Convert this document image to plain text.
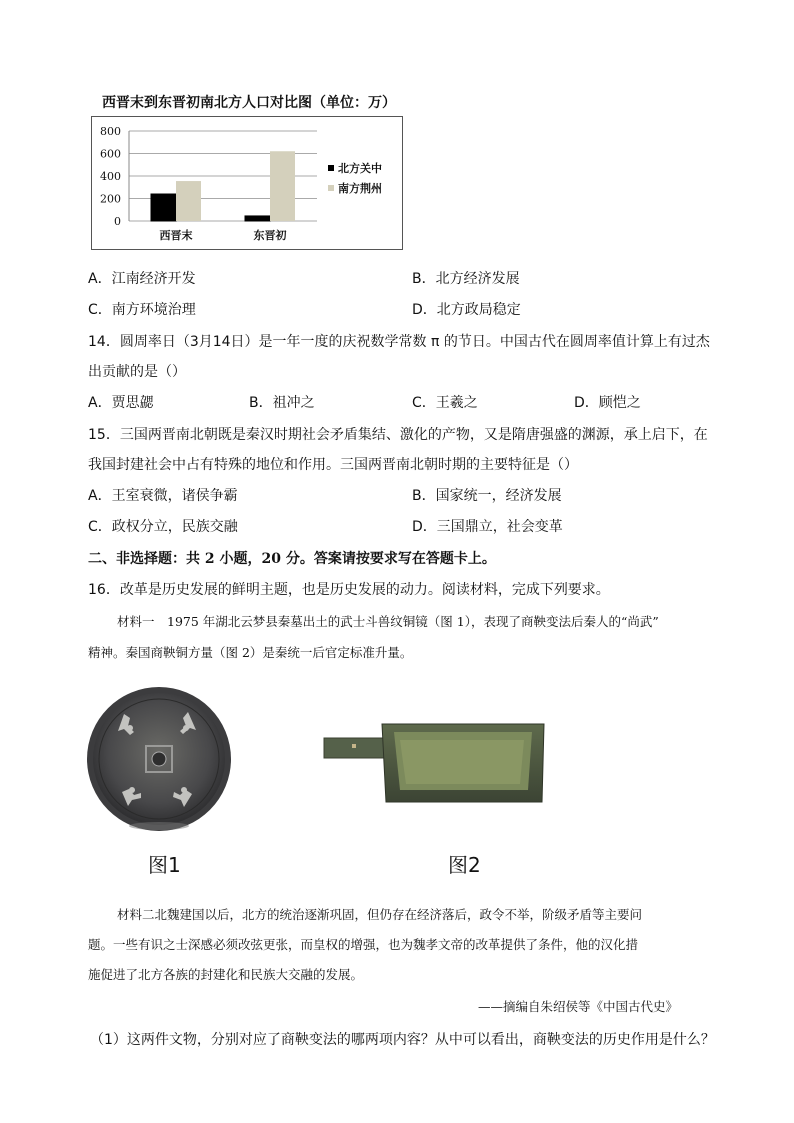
西晋末到东晋初南北方人口对比图（单位：万）
800
600
400
200
0
西晋末	东晋初
北方关中
南方荆州
A．江南经济开发	B．北方经济发展
C．南方环境治理	D．北方政局稳定
14．圆周率日（3月14日）是一年一度的庆祝数学常数 π 的节日。中国古代在圆周率值计算上有过杰
出贡献的是（）
A．贾思勰	B．祖冲之	C．王羲之	D．顾恺之
15．三国两晋南北朝既是秦汉时期社会矛盾集结、激化的产物，又是隋唐强盛的渊源，承上启下，在
我国封建社会中占有特殊的地位和作用。三国两晋南北朝时期的主要特征是（）
A．王室衰微，诸侯争霸	B．国家统一，经济发展
C．政权分立，民族交融	D．三国鼎立，社会变革
二、非选择题：共 2 小题，20 分。答案请按要求写在答题卡上。
16．改革是历史发展的鲜明主题，也是历史发展的动力。阅读材料，完成下列要求。
材料一　1975 年湖北云梦县秦墓出土的武士斗兽纹铜镜（图 1），表现了商鞅变法后秦人的“尚武”
精神。秦国商鞅铜方量（图 2）是秦统一后官定标准升量。
图1	图2
材料二北魏建国以后，北方的统治逐渐巩固，但仍存在经济落后，政令不举，阶级矛盾等主要问
题。一些有识之士深感必须改弦更张，而皇权的增强，也为魏孝文帝的改革提供了条件，他的汉化措
施促进了北方各族的封建化和民族大交融的发展。
——摘编自朱绍侯等《中国古代史》
（1）这两件文物，分别对应了商鞅变法的哪两项内容？从中可以看出，商鞅变法的历史作用是什么？
